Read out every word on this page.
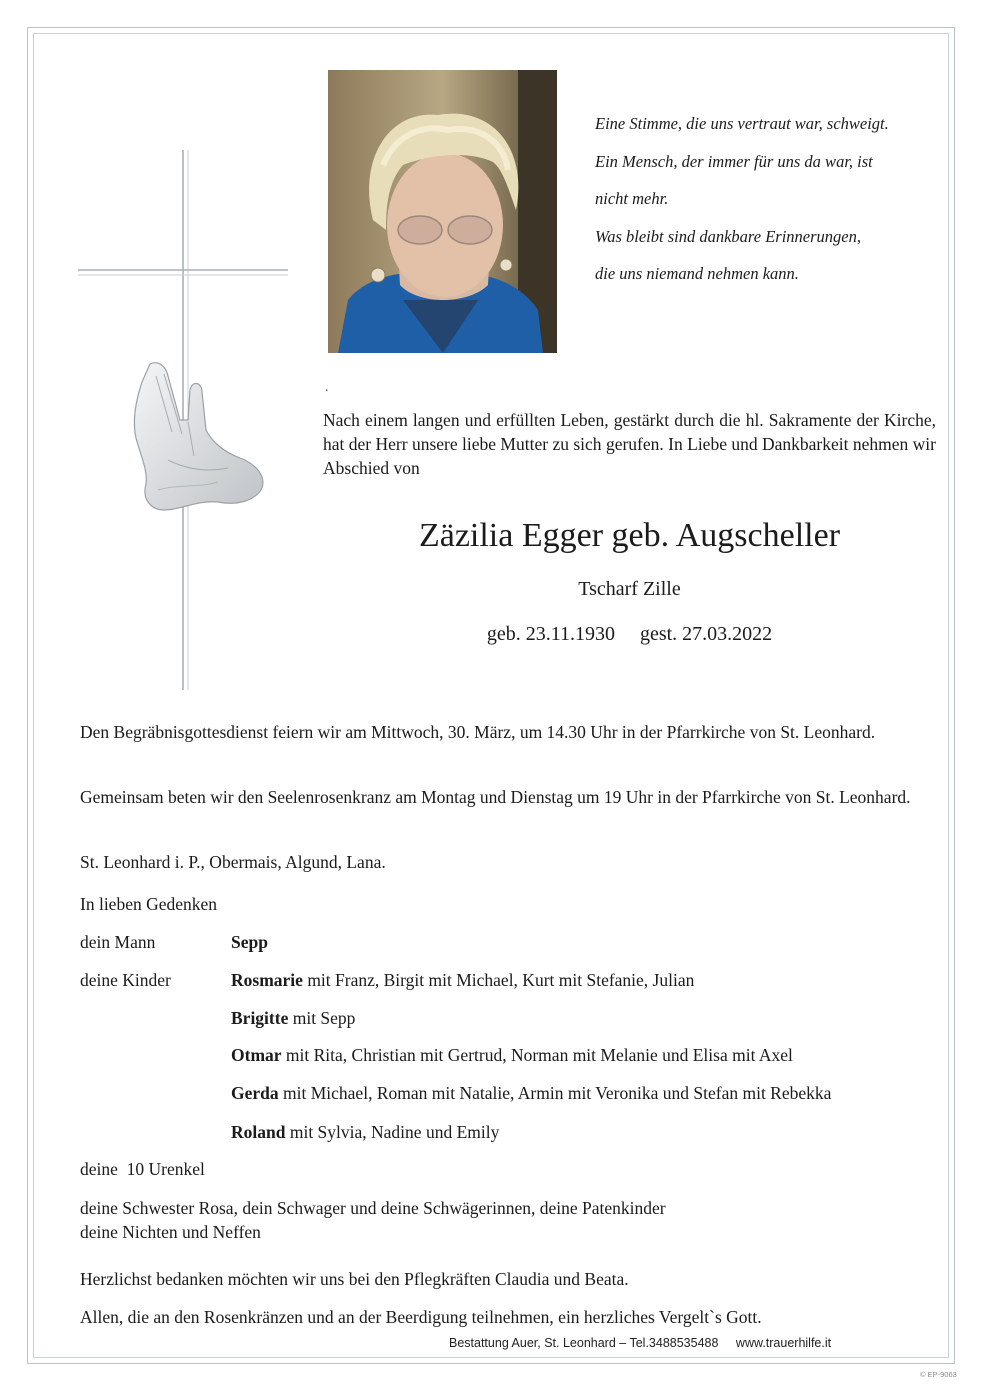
Eine Stimme, die uns vertraut war, schweigt.
Ein Mensch, der immer für uns da war, ist
nicht mehr.
Was bleibt sind dankbare Erinnerungen,
die uns niemand nehmen kann.
.

Nach einem langen und erfüllten Leben, gestärkt durch die hl. Sakramente der Kirche, hat der Herr unsere liebe Mutter zu sich gerufen. In Liebe und Dankbarkeit nehmen wir Abschied von

Zäzilia Egger geb. Augscheller
Tscharf Zille
geb. 23.11.1930 gest. 27.03.2022

Den Begräbnisgottesdienst feiern wir am Mittwoch, 30. März, um 14.30 Uhr in der Pfarrkirche von St. Leonhard.

Gemeinsam beten wir den Seelenrosenkranz am Montag und Dienstag um 19 Uhr in der Pfarrkirche von St. Leonhard.

St. Leonhard i. P., Obermais, Algund, Lana.

In lieben Gedenken

dein Mann	Sepp
deine Kinder	Rosmarie mit Franz, Birgit mit Michael, Kurt mit Stefanie, Julian
Brigitte mit Sepp
Otmar mit Rita, Christian mit Gertrud, Norman mit Melanie und Elisa mit Axel
Gerda mit Michael, Roman mit Natalie, Armin mit Veronika und Stefan mit Rebekka
Roland mit Sylvia, Nadine und Emily
deine  10 Urenkel
deine Schwester Rosa, dein Schwager und deine Schwägerinnen, deine Patenkinder
deine Nichten und Neffen

Herzlichst bedanken möchten wir uns bei den Pflegkräften Claudia und Beata.

Allen, die an den Rosenkränzen und an der Beerdigung teilnehmen, ein herzliches Vergelt`s Gott.

Bestattung Auer, St. Leonhard – Tel.3488535488 www.trauerhilfe.it
© EP-9063
